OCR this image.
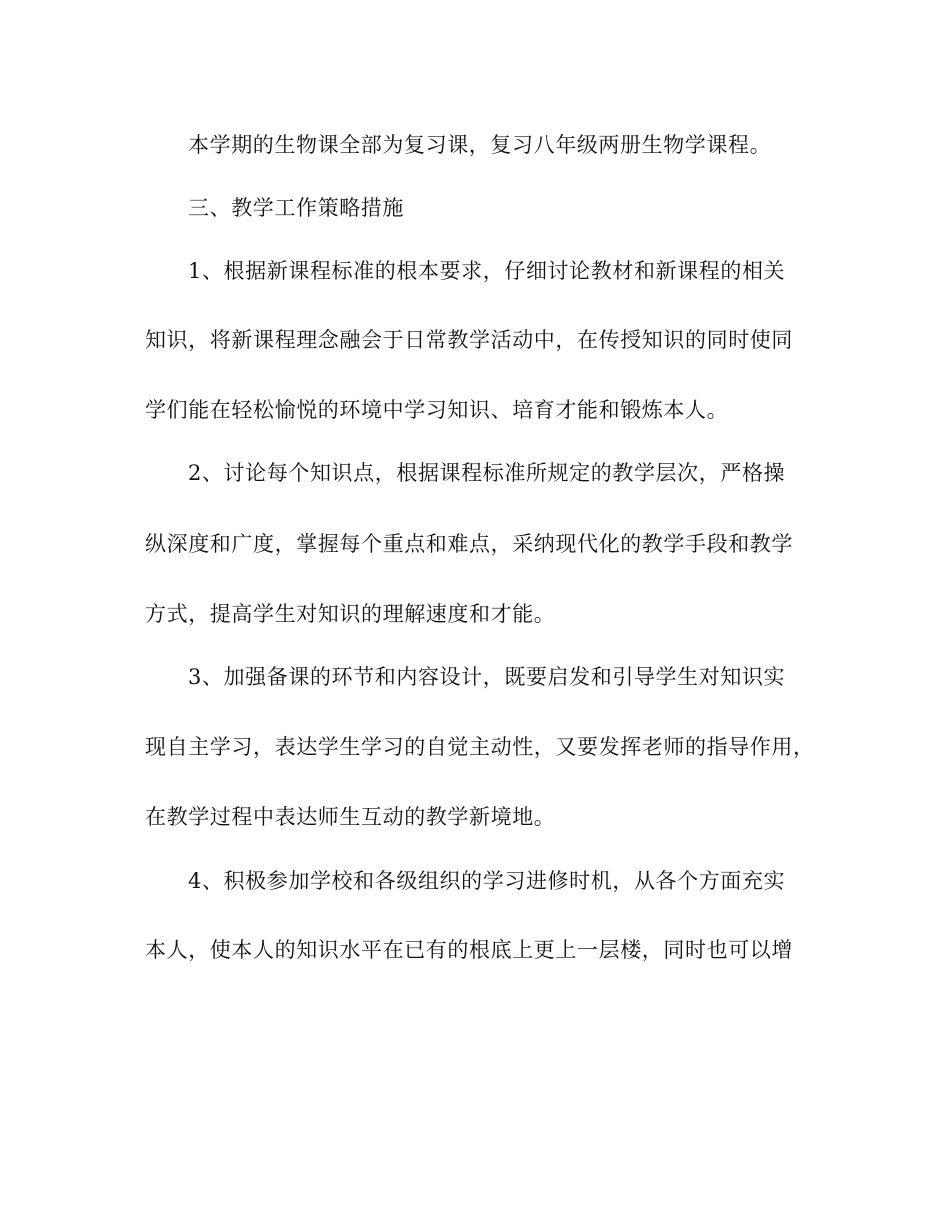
本学期的生物课全部为复习课，复习八年级两册生物学课程。
三、教学工作策略措施
1、根据新课程标准的根本要求，仔细讨论教材和新课程的相关
知识，将新课程理念融会于日常教学活动中，在传授知识的同时使同
学们能在轻松愉悦的环境中学习知识、培育才能和锻炼本人。
2、讨论每个知识点，根据课程标准所规定的教学层次，严格操
纵深度和广度，掌握每个重点和难点，采纳现代化的教学手段和教学
方式，提高学生对知识的理解速度和才能。
3、加强备课的环节和内容设计，既要启发和引导学生对知识实
现自主学习，表达学生学习的自觉主动性，又要发挥老师的指导作用，
在教学过程中表达师生互动的教学新境地。
4、积极参加学校和各级组织的学习进修时机，从各个方面充实
本人，使本人的知识水平在已有的根底上更上一层楼，同时也可以增
